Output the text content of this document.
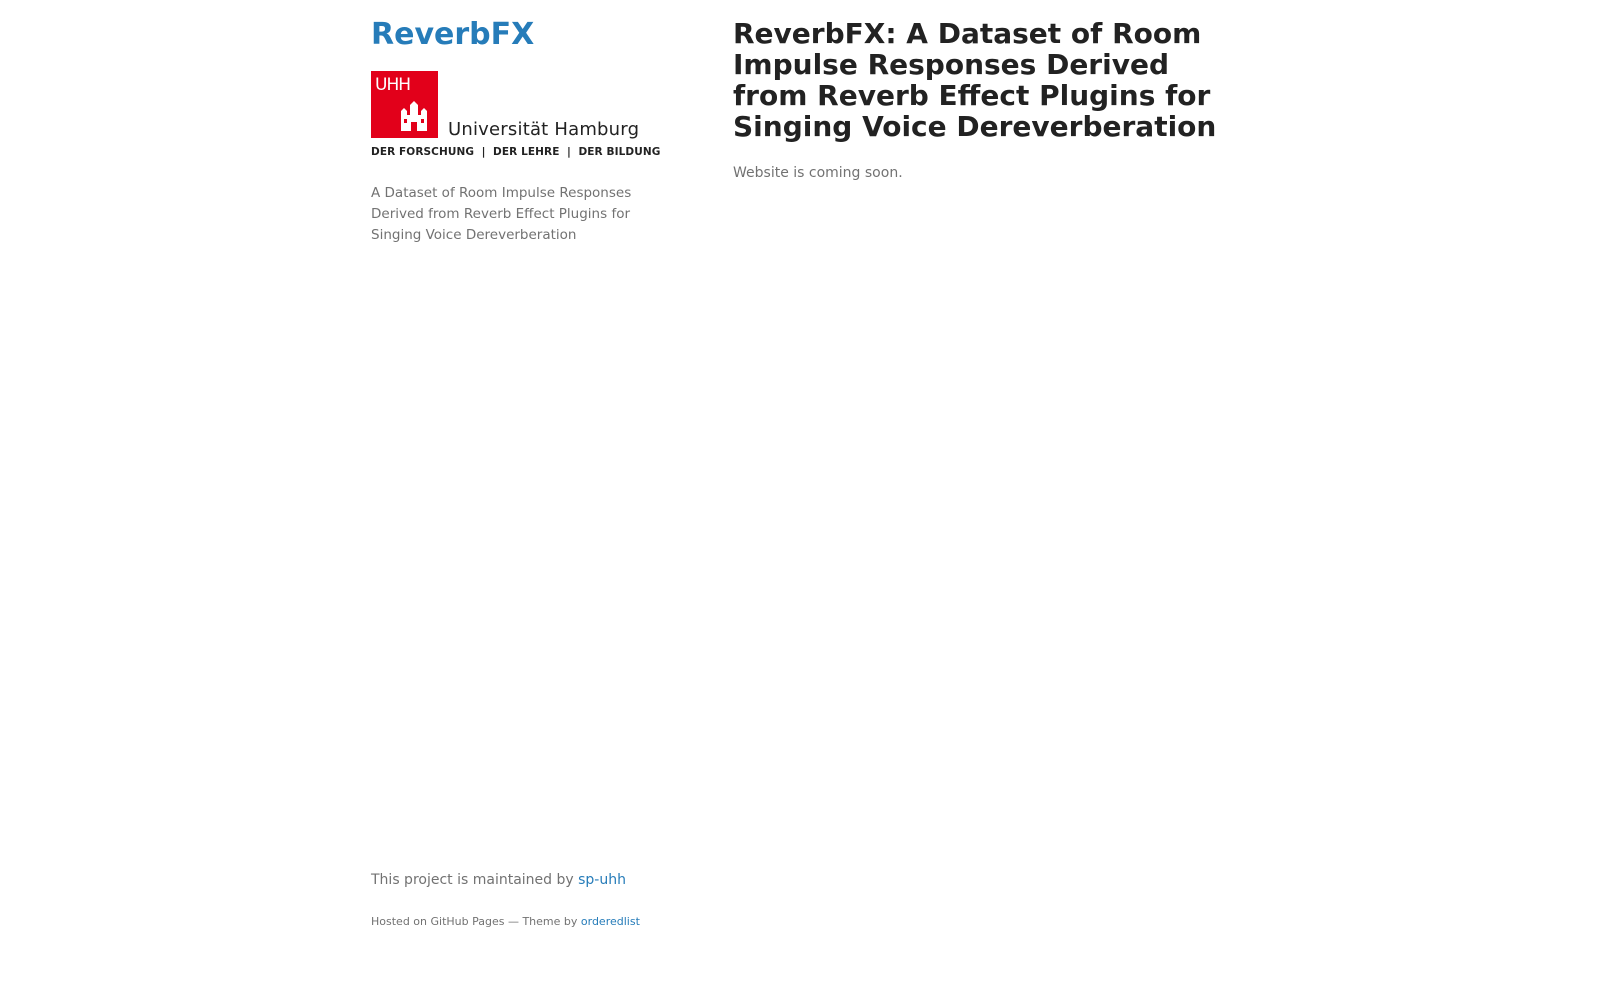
ReverbFX
UHH
Universität Hamburg
DER FORSCHUNG  |  DER LEHRE  |  DER BILDUNG

A Dataset of Room Impulse Responses Derived from Reverb Effect Plugins for Singing Voice Dereverberation

This project is maintained by sp-uhh

Hosted on GitHub Pages — Theme by orderedlist

ReverbFX: A Dataset of Room Impulse Responses Derived from Reverb Effect Plugins for Singing Voice Dereverberation

Website is coming soon.
